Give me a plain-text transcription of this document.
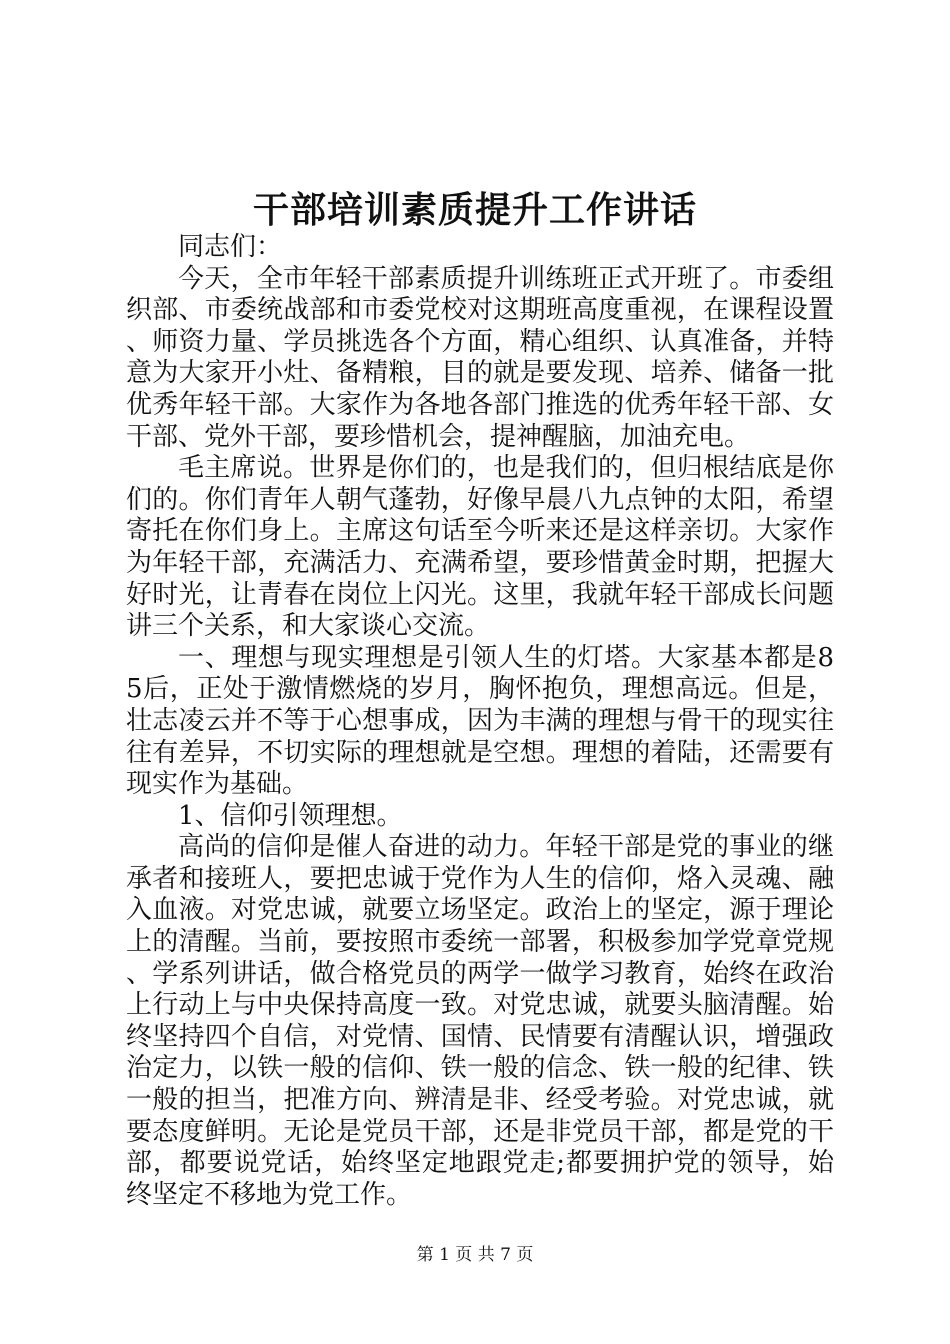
干部培训素质提升工作讲话

同志们：

今天，全市年轻干部素质提升训练班正式开班了。市委组织部、市委统战部和市委党校对这期班高度重视，在课程设置、师资力量、学员挑选各个方面，精心组织、认真准备，并特意为大家开小灶、备精粮，目的就是要发现、培养、储备一批优秀年轻干部。大家作为各地各部门推选的优秀年轻干部、女干部、党外干部，要珍惜机会，提神醒脑，加油充电。

毛主席说。世界是你们的，也是我们的，但归根结底是你们的。你们青年人朝气蓬勃，好像早晨八九点钟的太阳，希望寄托在你们身上。主席这句话至今听来还是这样亲切。大家作为年轻干部，充满活力、充满希望，要珍惜黄金时期，把握大好时光，让青春在岗位上闪光。这里，我就年轻干部成长问题讲三个关系，和大家谈心交流。

一、理想与现实理想是引领人生的灯塔。大家基本都是85后，正处于激情燃烧的岁月，胸怀抱负，理想高远。但是，壮志凌云并不等于心想事成，因为丰满的理想与骨干的现实往往有差异，不切实际的理想就是空想。理想的着陆，还需要有现实作为基础。

1、信仰引领理想。

高尚的信仰是催人奋进的动力。年轻干部是党的事业的继承者和接班人，要把忠诚于党作为人生的信仰，烙入灵魂、融入血液。对党忠诚，就要立场坚定。政治上的坚定，源于理论上的清醒。当前，要按照市委统一部署，积极参加学党章党规、学系列讲话，做合格党员的两学一做学习教育，始终在政治上行动上与中央保持高度一致。对党忠诚，就要头脑清醒。始终坚持四个自信，对党情、国情、民情要有清醒认识，增强政治定力，以铁一般的信仰、铁一般的信念、铁一般的纪律、铁一般的担当，把准方向、辨清是非、经受考验。对党忠诚，就要态度鲜明。无论是党员干部，还是非党员干部，都是党的干部，都要说党话，始终坚定地跟党走;都要拥护党的领导，始终坚定不移地为党工作。

第 1 页 共 7 页
